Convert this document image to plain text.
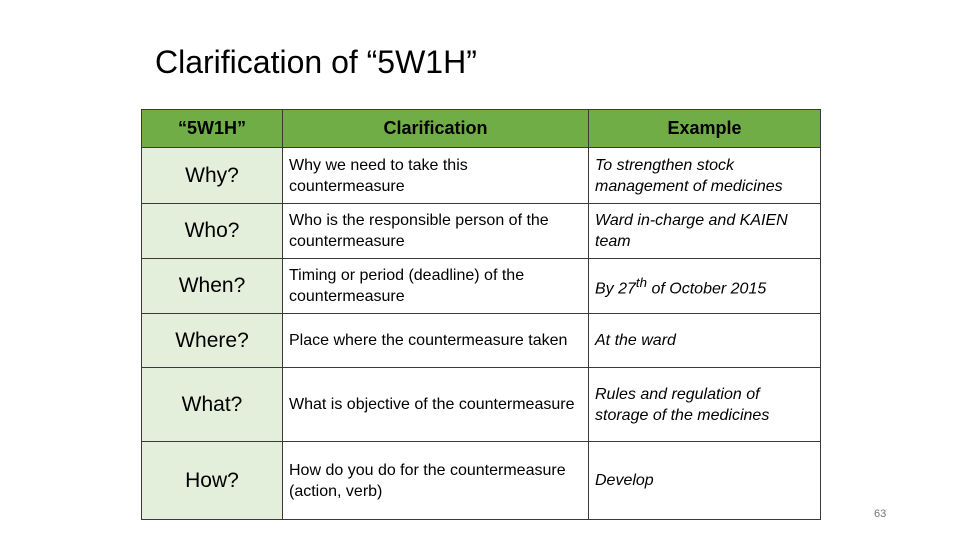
Clarification of “5W1H”
“5W1H”	Clarification	Example
Why?	Why we need to take this countermeasure	To strengthen stock management of medicines
Who?	Who is the responsible person of the countermeasure	Ward in-charge and KAIEN team
When?	Timing or period (deadline) of the countermeasure	By 27th of October 2015
Where?	Place where the countermeasure taken	At the ward
What?	What is objective of the countermeasure	Rules and regulation of storage of the medicines
How?	How do you do for the countermeasure (action, verb)	Develop
63
